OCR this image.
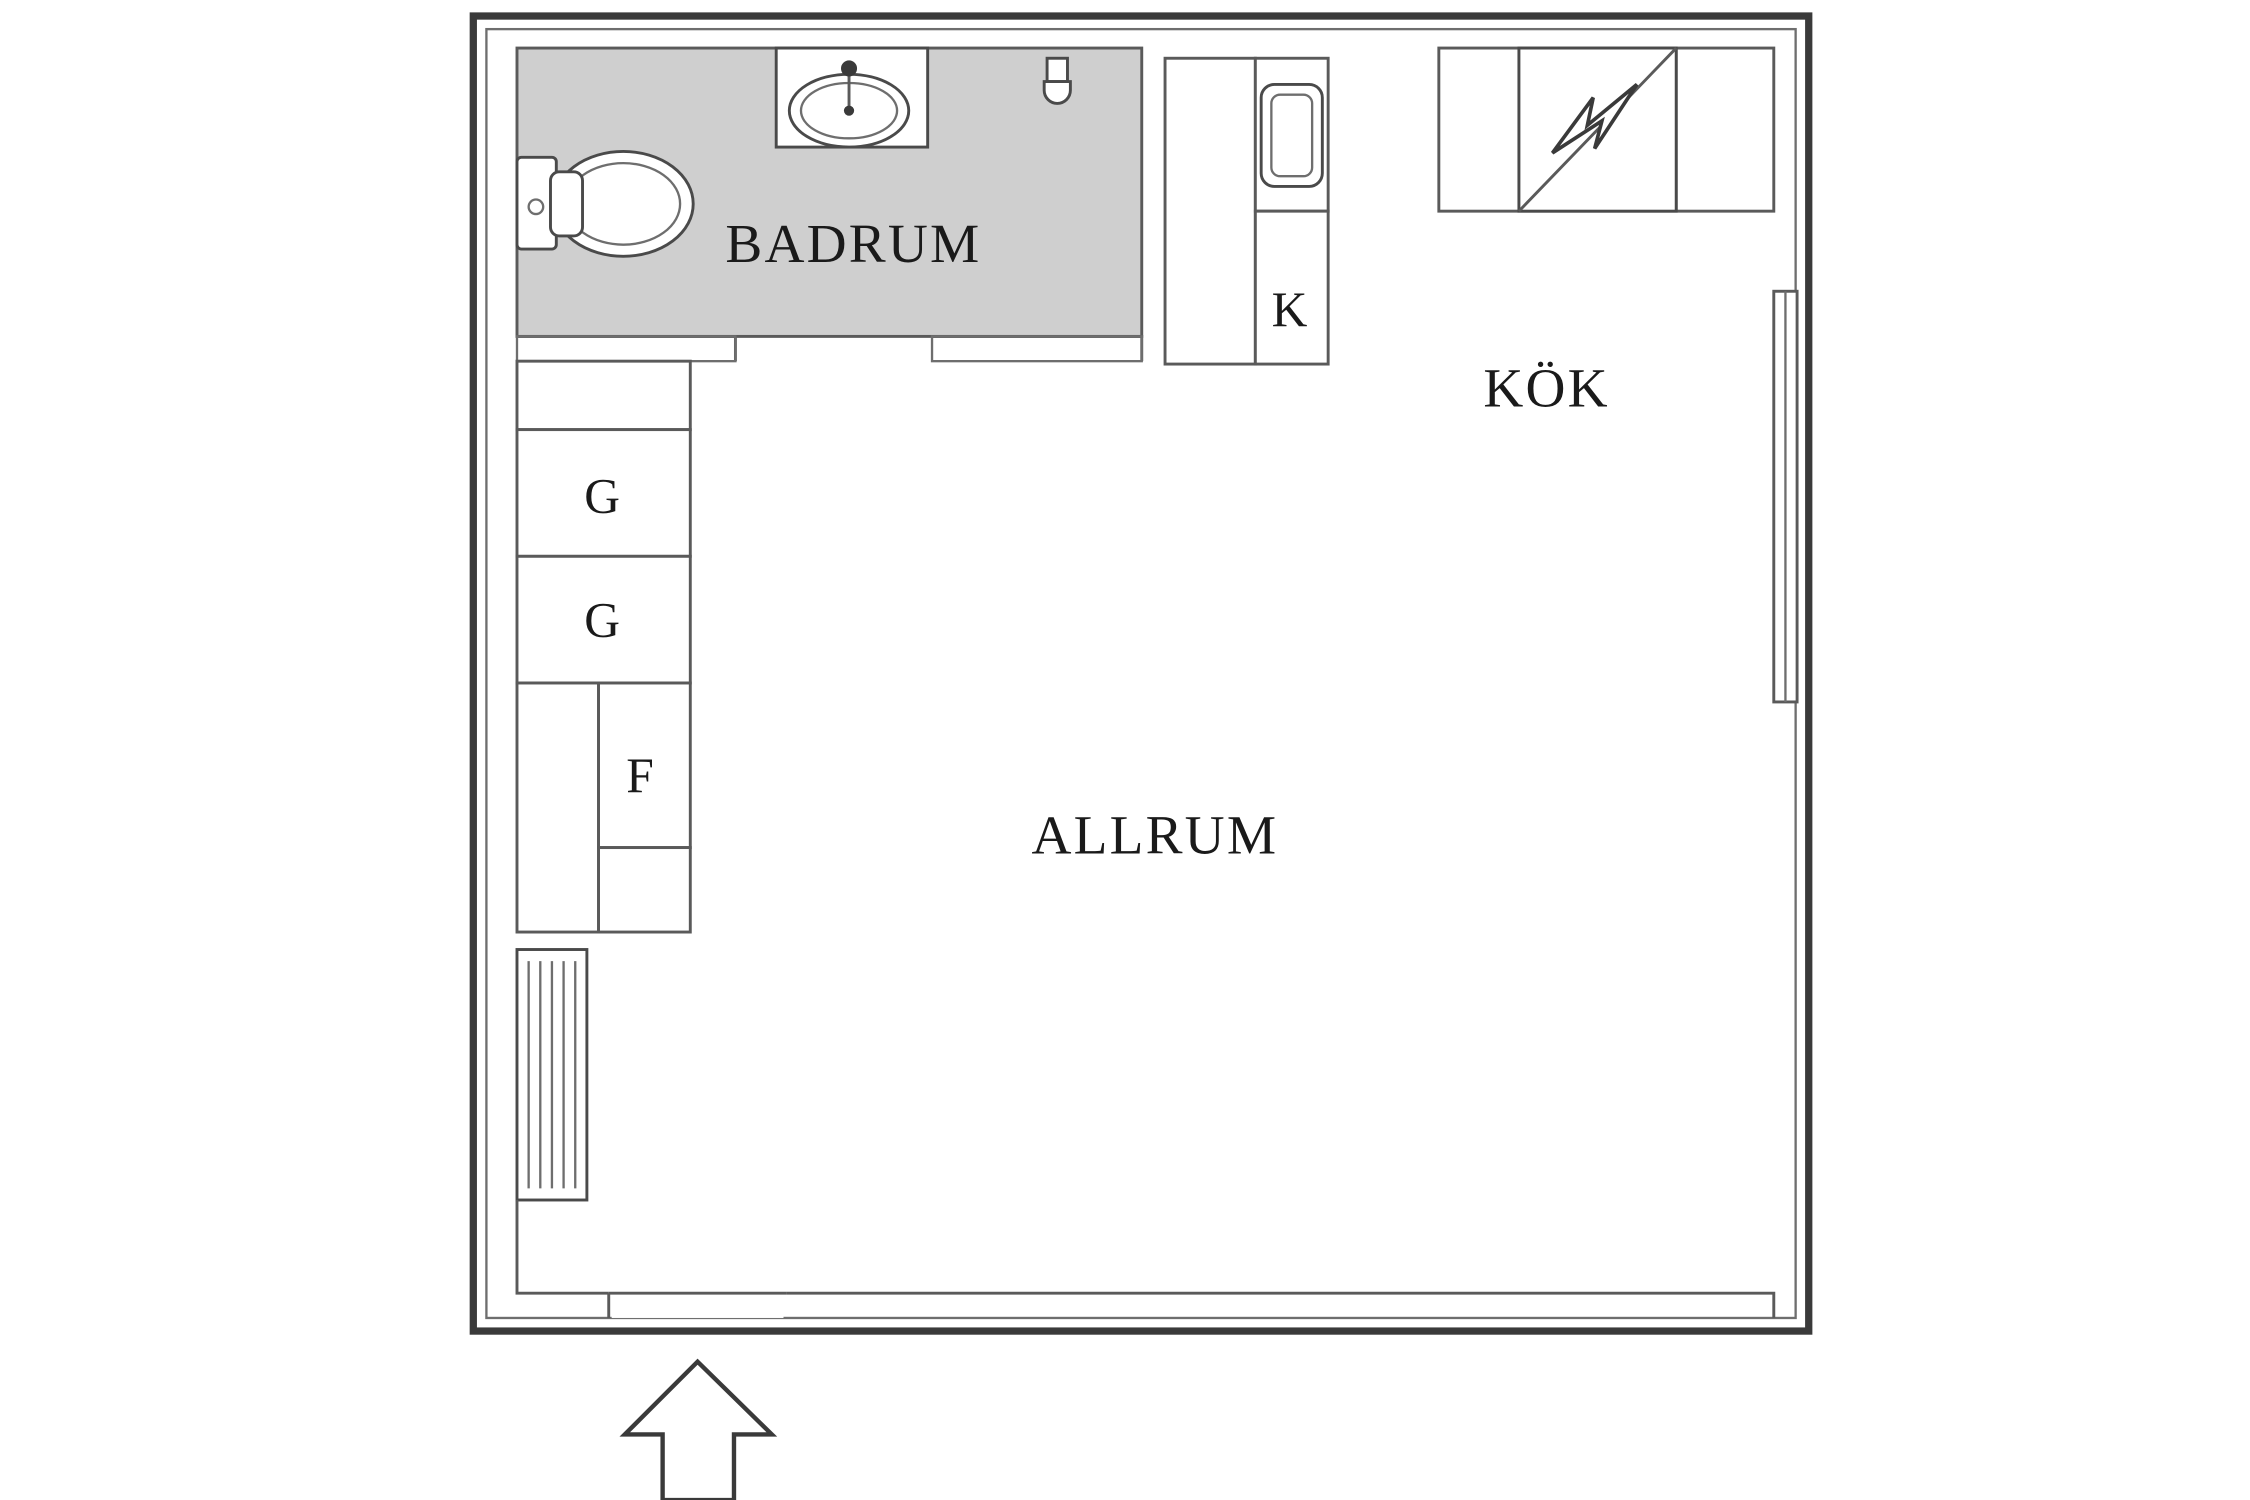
BADRUM
KÖK
ALLRUM
K
G
G
F
